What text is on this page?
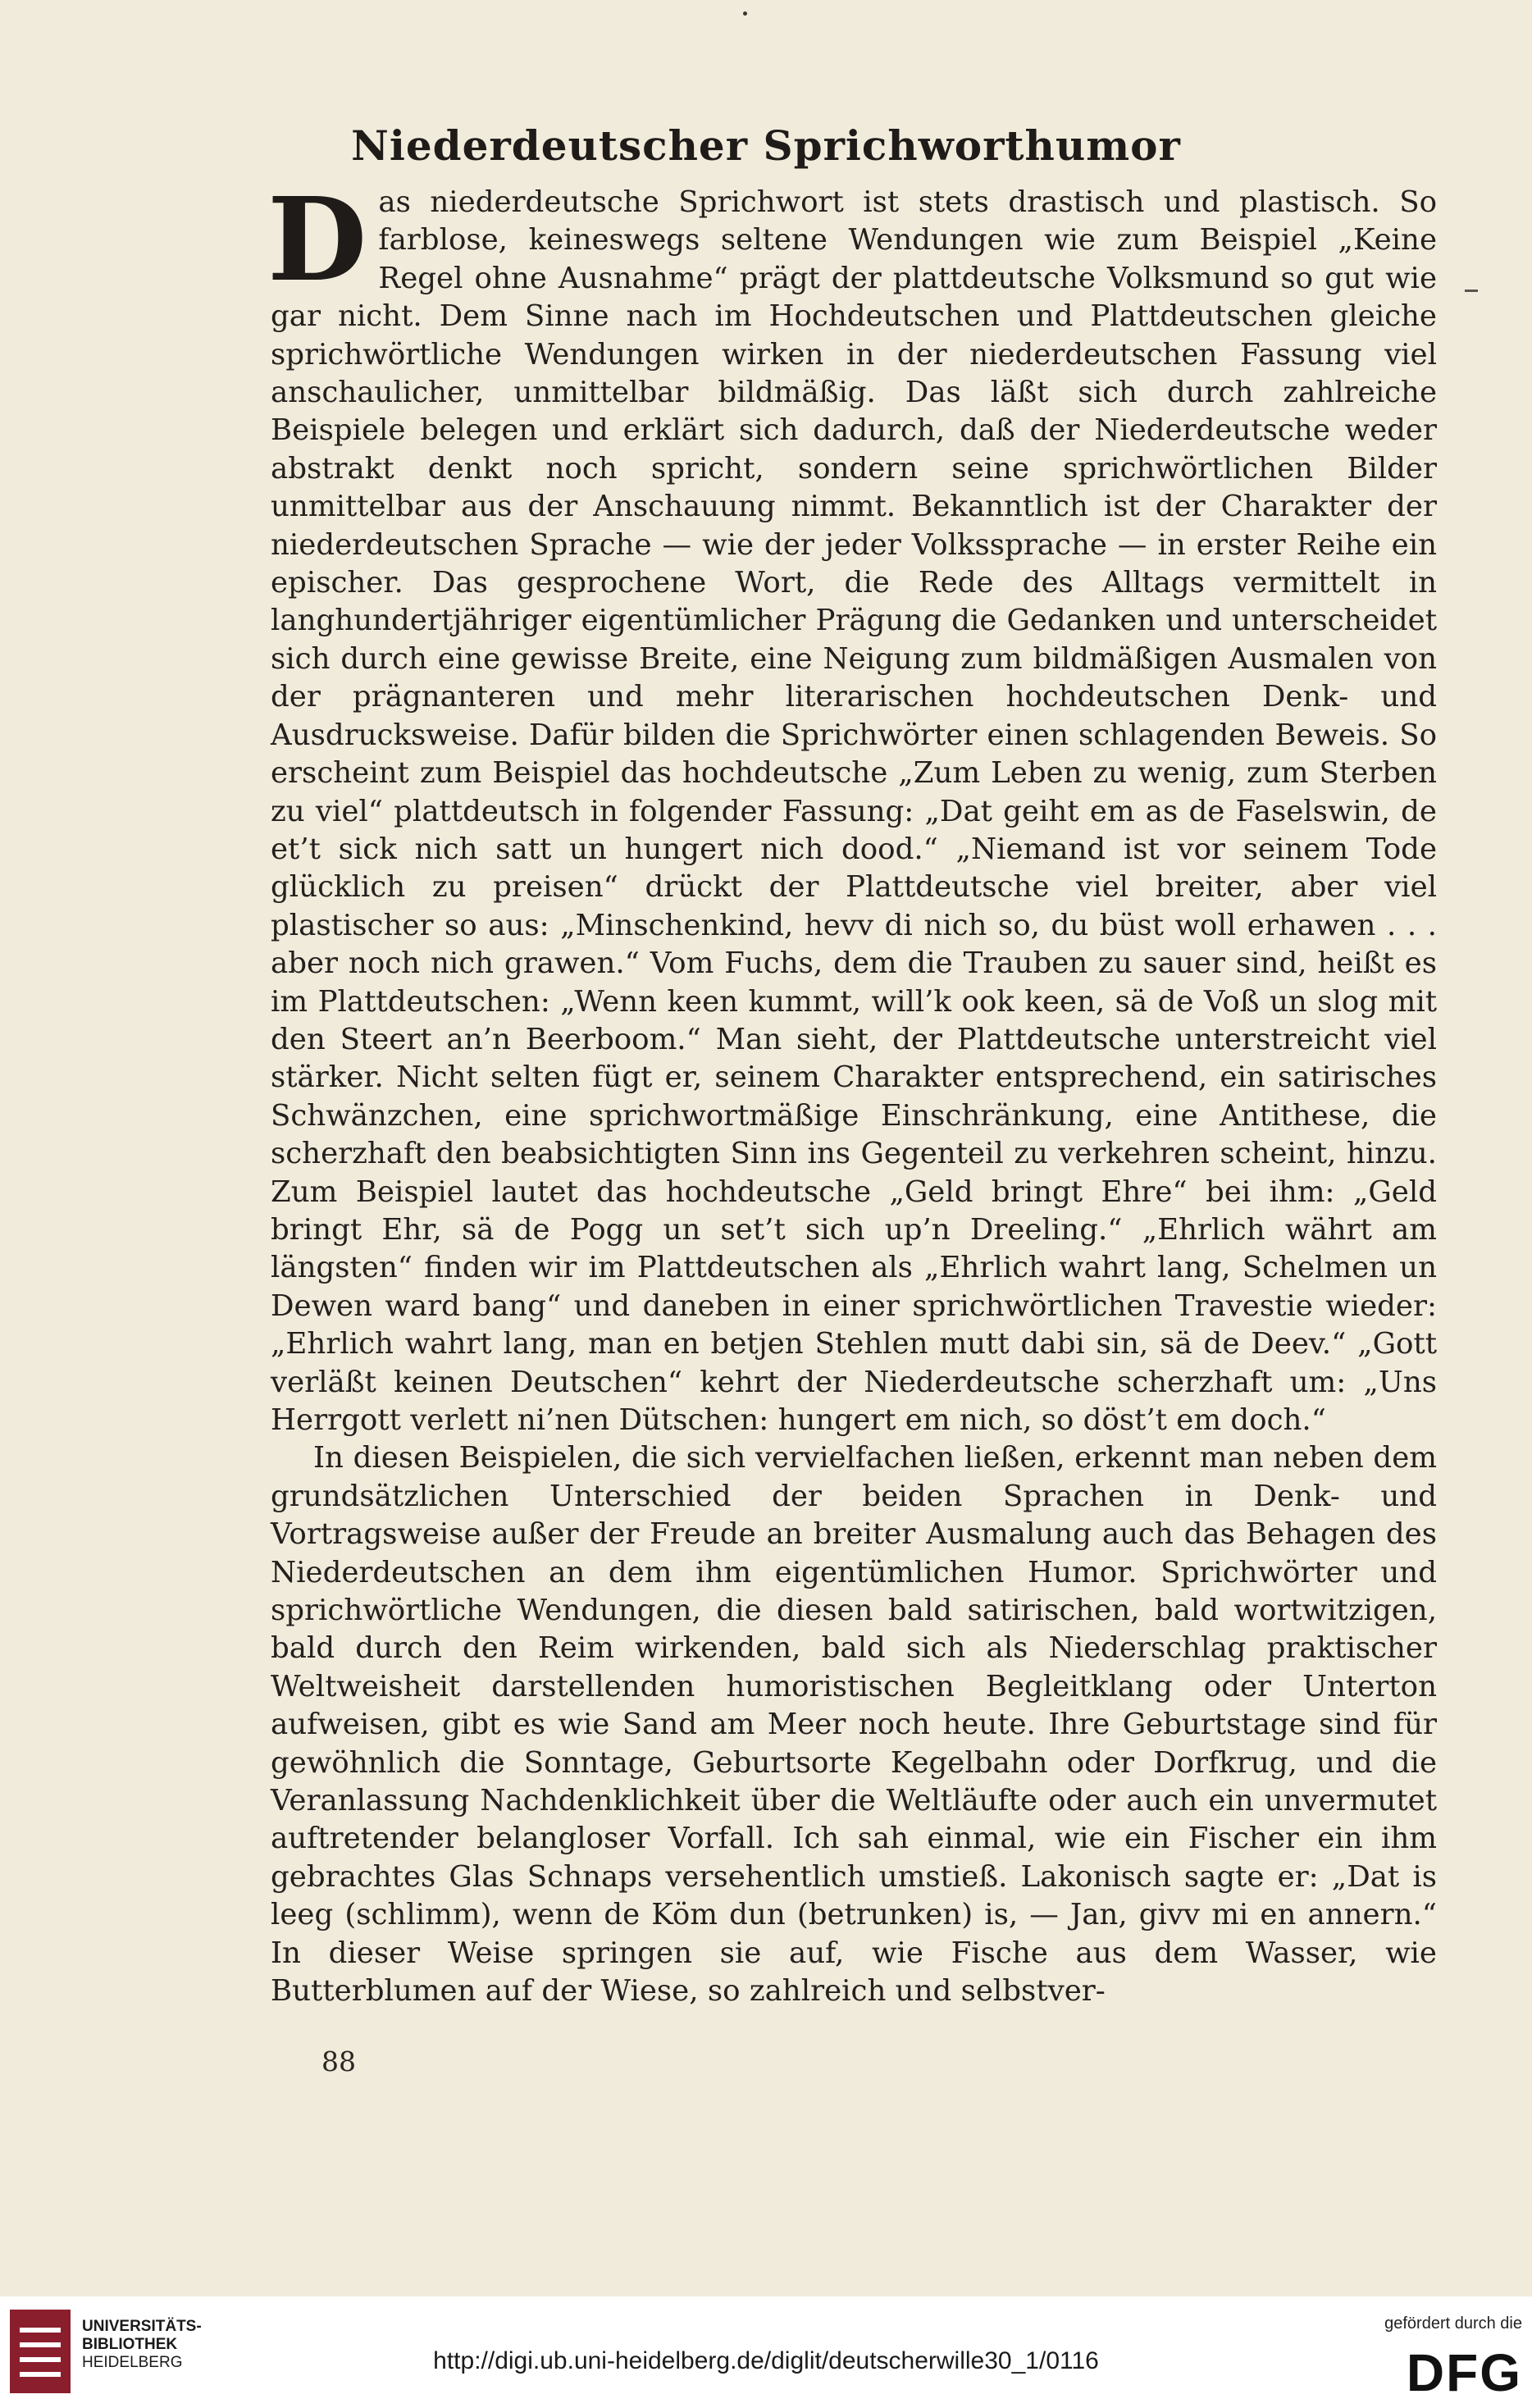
Niederdeutscher Sprichworthumor

Das niederdeutsche Sprichwort ist stets drastisch und plastisch. So farblose, keineswegs seltene Wendungen wie zum Beispiel „Keine Regel ohne Ausnahme“ prägt der plattdeutsche Volksmund so gut wie gar nicht. Dem Sinne nach im Hochdeutschen und Plattdeutschen gleiche sprichwörtliche Wendungen wirken in der niederdeutschen Fassung viel anschaulicher, unmittelbar bildmäßig. Das läßt sich durch zahlreiche Beispiele belegen und erklärt sich dadurch, daß der Niederdeutsche weder abstrakt denkt noch spricht, sondern seine sprichwörtlichen Bilder unmittelbar aus der Anschauung nimmt. Bekanntlich ist der Charakter der niederdeutschen Sprache — wie der jeder Volkssprache — in erster Reihe ein epischer. Das gesprochene Wort, die Rede des Alltags vermittelt in langhundertjähriger eigentümlicher Prägung die Gedanken und unterscheidet sich durch eine gewisse Breite, eine Neigung zum bildmäßigen Ausmalen von der prägnanteren und mehr literarischen hochdeutschen Denk- und Ausdrucksweise. Dafür bilden die Sprichwörter einen schlagenden Beweis. So erscheint zum Beispiel das hochdeutsche „Zum Leben zu wenig, zum Sterben zu viel“ plattdeutsch in folgender Fassung: „Dat geiht em as de Faselswin, de et’t sick nich satt un hungert nich dood.“ „Niemand ist vor seinem Tode glücklich zu preisen“ drückt der Plattdeutsche viel breiter, aber viel plastischer so aus: „Minschenkind, hevv di nich so, du büst woll erhawen . . . aber noch nich grawen.“ Vom Fuchs, dem die Trauben zu sauer sind, heißt es im Plattdeutschen: „Wenn keen kummt, will’k ook keen, sä de Voß un slog mit den Steert an’n Beerboom.“ Man sieht, der Plattdeutsche unterstreicht viel stärker. Nicht selten fügt er, seinem Charakter entsprechend, ein satirisches Schwänzchen, eine sprichwortmäßige Einschränkung, eine Antithese, die scherzhaft den beabsichtigten Sinn ins Gegenteil zu verkehren scheint, hinzu. Zum Beispiel lautet das hochdeutsche „Geld bringt Ehre“ bei ihm: „Geld bringt Ehr, sä de Pogg un set’t sich up’n Dreeling.“ „Ehrlich währt am längsten“ finden wir im Plattdeutschen als „Ehrlich wahrt lang, Schelmen un Dewen ward bang“ und daneben in einer sprichwörtlichen Travestie wieder: „Ehrlich wahrt lang, man en betjen Stehlen mutt dabi sin, sä de Deev.“ „Gott verläßt keinen Deutschen“ kehrt der Niederdeutsche scherzhaft um: „Uns Herrgott verlett ni’nen Dütschen: hungert em nich, so döst’t em doch.“

In diesen Beispielen, die sich vervielfachen ließen, erkennt man neben dem grundsätzlichen Unterschied der beiden Sprachen in Denk- und Vortragsweise außer der Freude an breiter Ausmalung auch das Behagen des Niederdeutschen an dem ihm eigentümlichen Humor. Sprichwörter und sprichwörtliche Wendungen, die diesen bald satirischen, bald wortwitzigen, bald durch den Reim wirkenden, bald sich als Niederschlag praktischer Weltweisheit darstellenden humoristischen Begleitklang oder Unterton aufweisen, gibt es wie Sand am Meer noch heute. Ihre Geburtstage sind für gewöhnlich die Sonntage, Geburtsorte Kegelbahn oder Dorfkrug, und die Veranlassung Nachdenklichkeit über die Weltläufte oder auch ein unvermutet auftretender belangloser Vorfall. Ich sah einmal, wie ein Fischer ein ihm gebrachtes Glas Schnaps versehentlich umstieß. Lakonisch sagte er: „Dat is leeg (schlimm), wenn de Köm dun (betrunken) is, — Jan, givv mi en annern.“ In dieser Weise springen sie auf, wie Fische aus dem Wasser, wie Butterblumen auf der Wiese, so zahlreich und selbstver-

88
UNIVERSITÄTS-
BIBLIOTHEK
HEIDELBERG	http://digi.ub.uni-heidelberg.de/diglit/deutscherwille30_1/0116
gefördert durch die
DFG
